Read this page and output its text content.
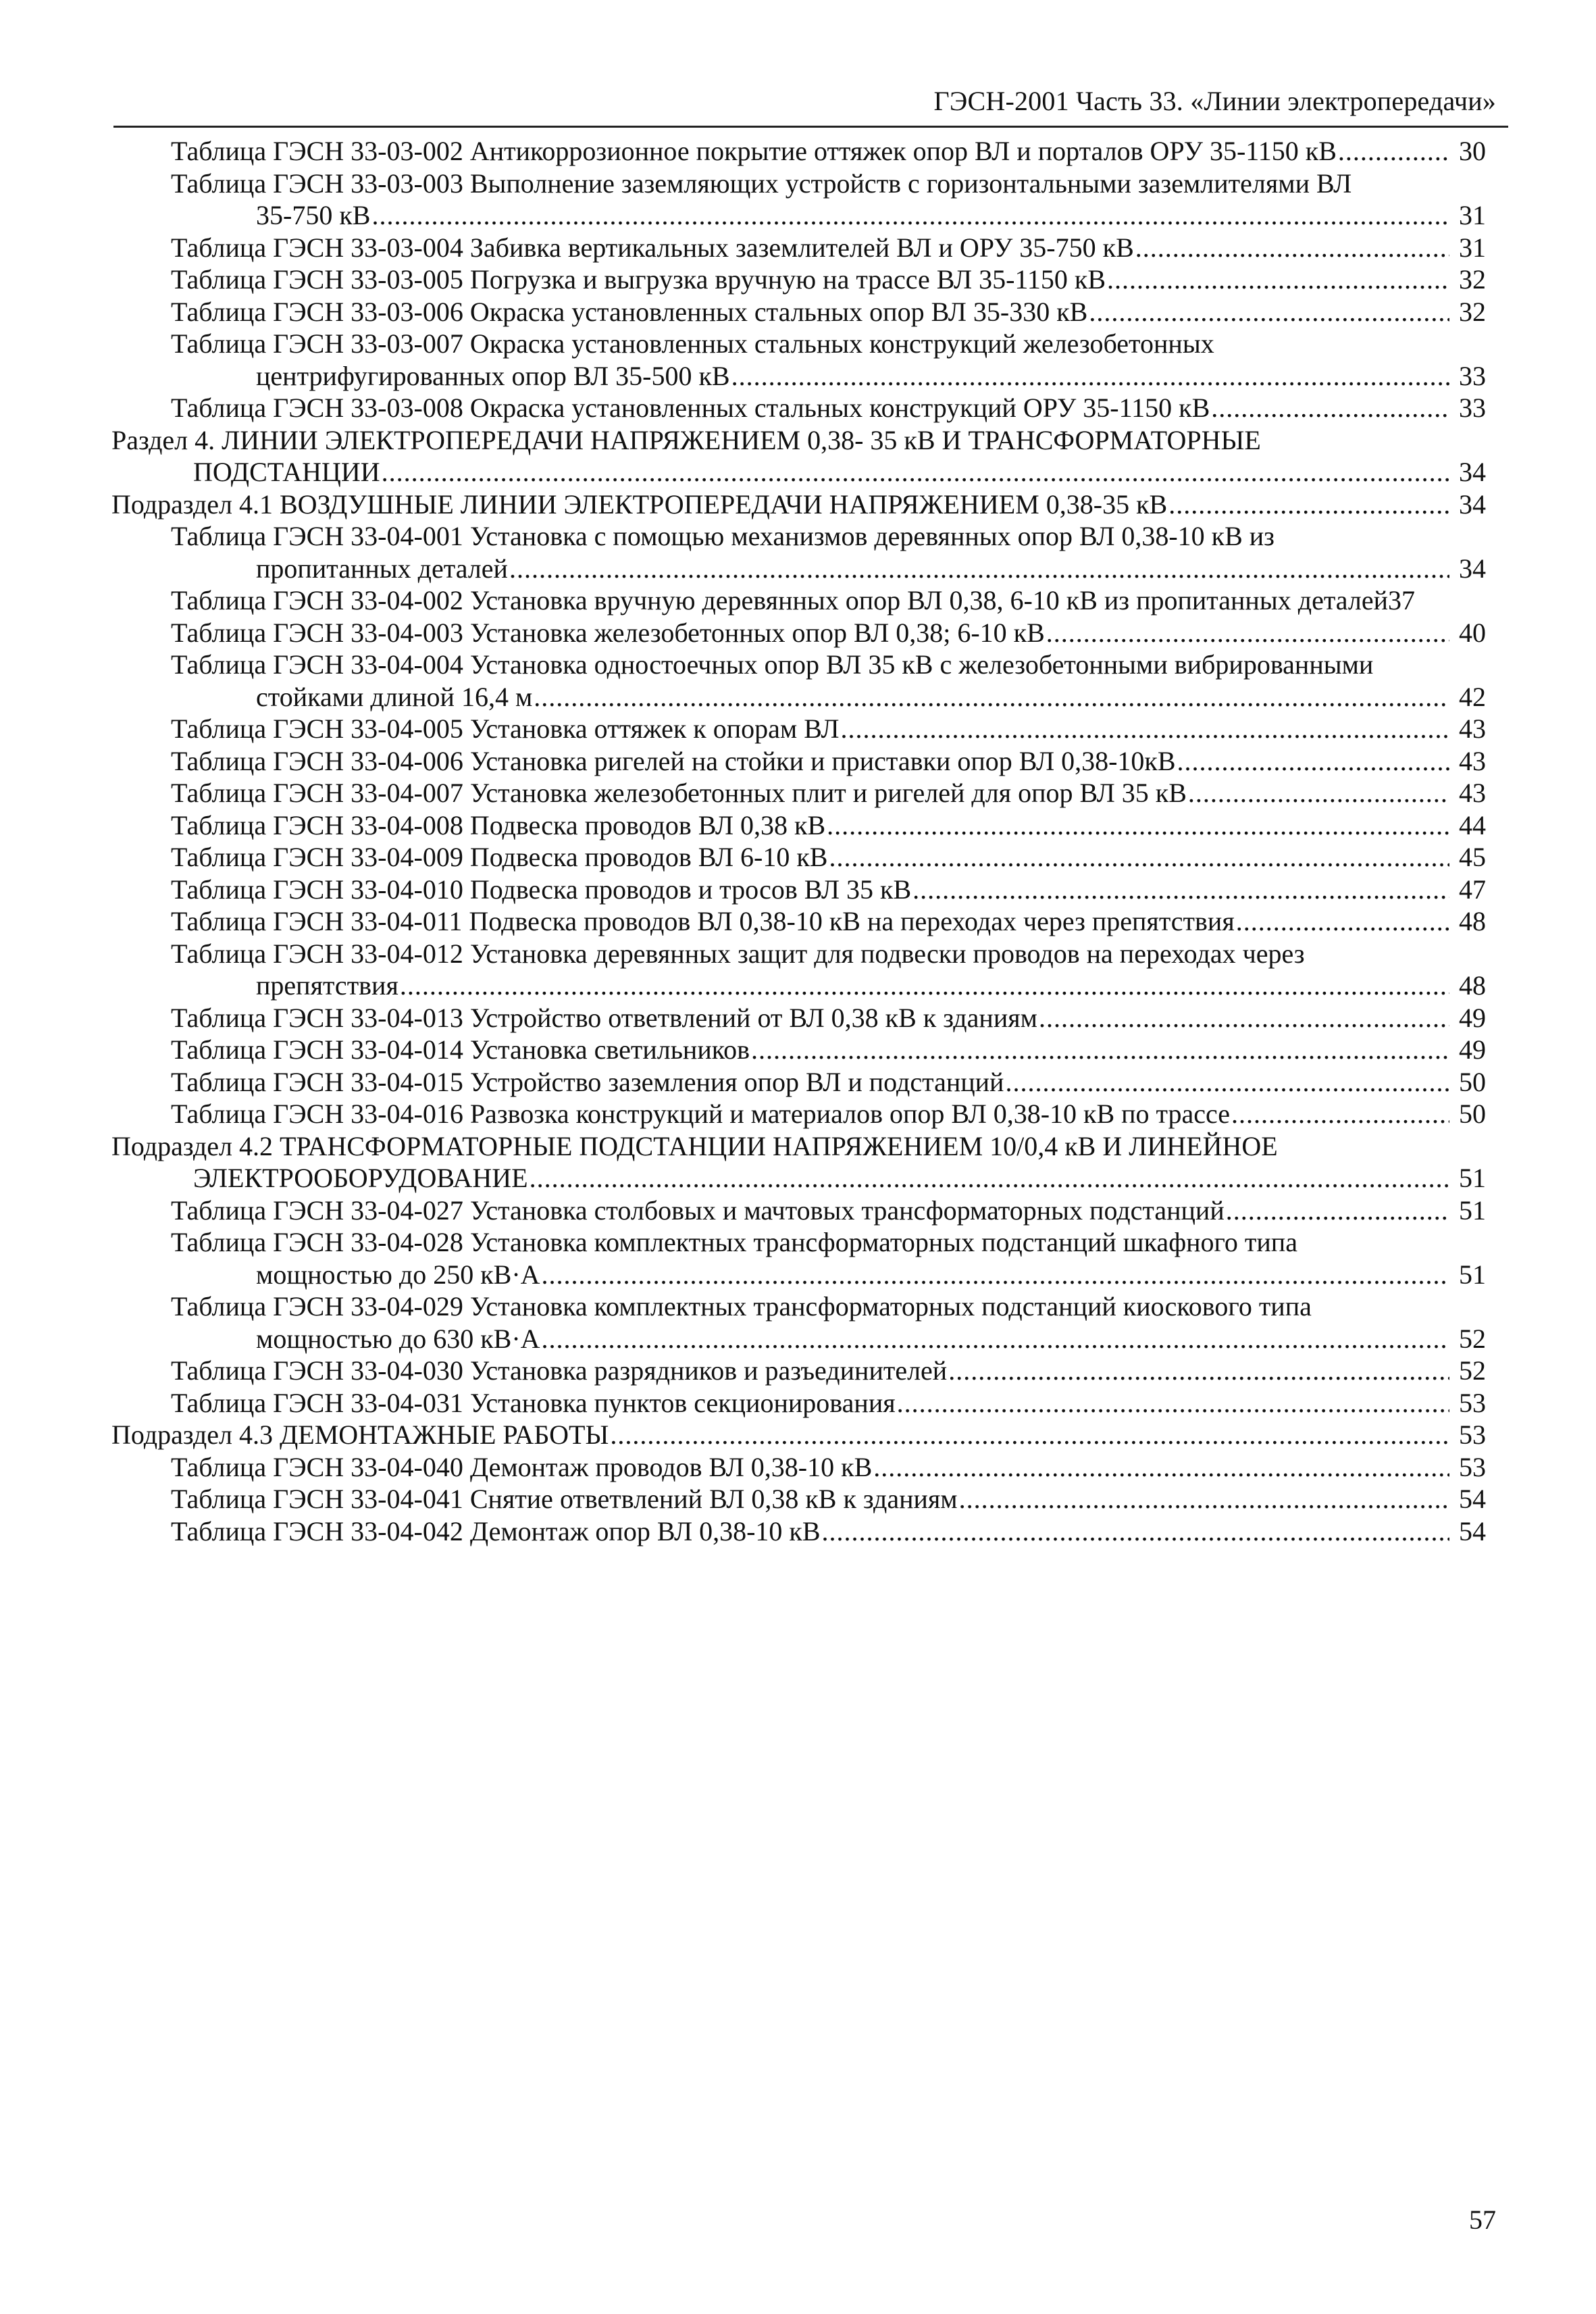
ГЭСН-2001 Часть 33. «Линии электропередачи»
Таблица ГЭСН 33-03-002 Антикоррозионное покрытие оттяжек опор ВЛ и порталов ОРУ 35-1150 кВ .....	30
Таблица ГЭСН 33-03-003 Выполнение заземляющих устройств с горизонтальными заземлителями ВЛ
35-750 кВ .....	31
Таблица ГЭСН 33-03-004 Забивка вертикальных заземлителей ВЛ и ОРУ 35-750 кВ .....	31
Таблица ГЭСН 33-03-005 Погрузка и выгрузка вручную на трассе ВЛ 35-1150 кВ .....	32
Таблица ГЭСН 33-03-006 Окраска установленных стальных опор ВЛ 35-330 кВ .....	32
Таблица ГЭСН 33-03-007 Окраска установленных стальных конструкций железобетонных
центрифугированных опор ВЛ 35-500 кВ .....	33
Таблица ГЭСН 33-03-008 Окраска установленных стальных конструкций ОРУ 35-1150 кВ .....	33
Раздел 4. ЛИНИИ ЭЛЕКТРОПЕРЕДАЧИ НАПРЯЖЕНИЕМ 0,38- 35 кВ И ТРАНСФОРМАТОРНЫЕ
ПОДСТАНЦИИ .....	34
Подраздел 4.1 ВОЗДУШНЫЕ ЛИНИИ ЭЛЕКТРОПЕРЕДАЧИ НАПРЯЖЕНИЕМ 0,38-35 кВ .....	34
Таблица ГЭСН 33-04-001 Установка с помощью механизмов деревянных опор ВЛ 0,38-10 кВ из
пропитанных деталей .....	34
Таблица ГЭСН 33-04-002 Установка вручную деревянных опор ВЛ 0,38, 6-10 кВ из пропитанных деталей 37
Таблица ГЭСН 33-04-003 Установка железобетонных опор ВЛ 0,38; 6-10 кВ .....	40
Таблица ГЭСН 33-04-004 Установка одностоечных опор ВЛ 35 кВ с железобетонными вибрированными
стойками длиной 16,4 м .....	42
Таблица ГЭСН 33-04-005 Установка оттяжек к опорам ВЛ .....	43
Таблица ГЭСН 33-04-006 Установка ригелей на стойки и приставки опор ВЛ 0,38-10кВ .....	43
Таблица ГЭСН 33-04-007 Установка железобетонных плит и ригелей для опор ВЛ 35 кВ .....	43
Таблица ГЭСН 33-04-008 Подвеска проводов ВЛ 0,38 кВ .....	44
Таблица ГЭСН 33-04-009 Подвеска проводов ВЛ 6-10 кВ .....	45
Таблица ГЭСН 33-04-010 Подвеска проводов и тросов ВЛ 35 кВ .....	47
Таблица ГЭСН 33-04-011 Подвеска проводов ВЛ 0,38-10 кВ на переходах через препятствия .....	48
Таблица ГЭСН 33-04-012 Установка деревянных защит для подвески проводов на переходах через
препятствия .....	48
Таблица ГЭСН 33-04-013 Устройство ответвлений от ВЛ 0,38 кВ к зданиям .....	49
Таблица ГЭСН 33-04-014 Установка светильников .....	49
Таблица ГЭСН 33-04-015 Устройство заземления опор ВЛ и подстанций .....	50
Таблица ГЭСН 33-04-016 Развозка конструкций и материалов опор ВЛ 0,38-10 кВ по трассе .....	50
Подраздел 4.2 ТРАНСФОРМАТОРНЫЕ ПОДСТАНЦИИ НАПРЯЖЕНИЕМ 10/0,4 кВ И ЛИНЕЙНОЕ
ЭЛЕКТРООБОРУДОВАНИЕ .....	51
Таблица ГЭСН 33-04-027 Установка столбовых и мачтовых трансформаторных подстанций .....	51
Таблица ГЭСН 33-04-028 Установка комплектных трансформаторных подстанций шкафного типа
мощностью до 250 кВ·А .....	51
Таблица ГЭСН 33-04-029 Установка комплектных трансформаторных подстанций киоскового типа
мощностью до 630 кВ·А .....	52
Таблица ГЭСН 33-04-030 Установка разрядников и разъединителей .....	52
Таблица ГЭСН 33-04-031 Установка пунктов секционирования .....	53
Подраздел 4.3 ДЕМОНТАЖНЫЕ РАБОТЫ .....	53
Таблица ГЭСН 33-04-040 Демонтаж проводов ВЛ 0,38-10 кВ .....	53
Таблица ГЭСН 33-04-041 Снятие ответвлений ВЛ 0,38 кВ к зданиям .....	54
Таблица ГЭСН 33-04-042 Демонтаж опор ВЛ 0,38-10 кВ .....	54
57
